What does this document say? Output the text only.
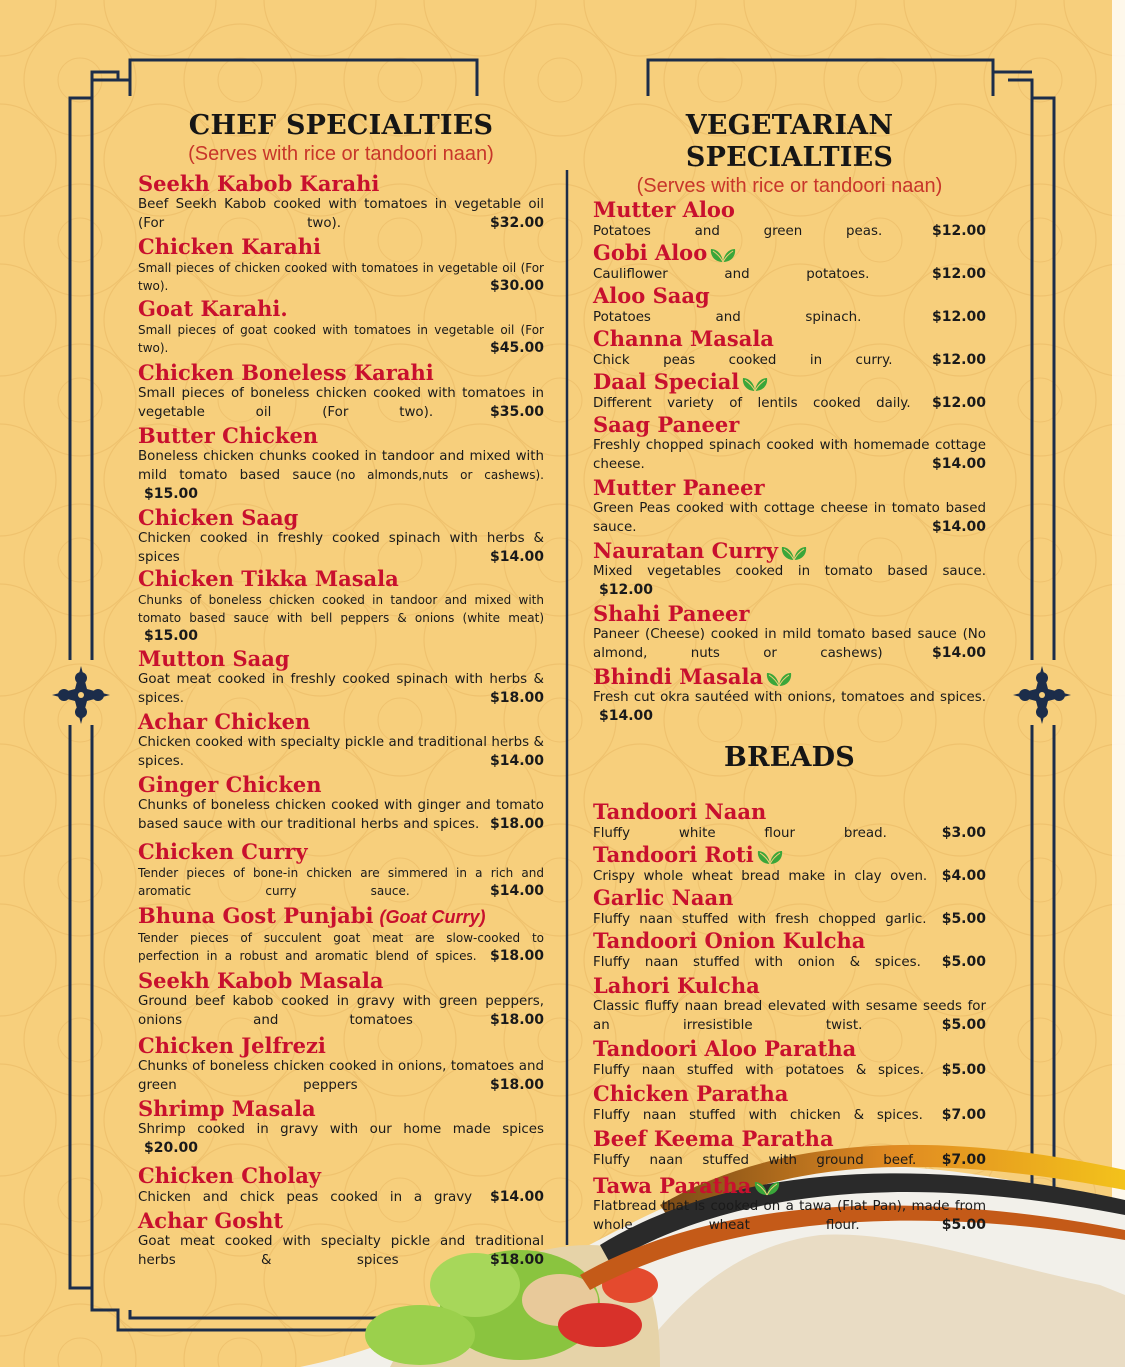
CHEF SPECIALTIES
(Serves with rice or tandoori naan)
Seekh Kabob Karahi
Beef Seekh Kabob cooked with tomatoes in vegetable oil (For two).	$32.00
Chicken Karahi
Small pieces of chicken cooked with tomatoes in vegetable oil (For two).	$30.00
Goat Karahi.
Small pieces of goat cooked with tomatoes in vegetable oil (For two).	$45.00
Chicken Boneless Karahi
Small pieces of boneless chicken cooked with tomatoes in vegetable oil (For two).	$35.00
Butter Chicken
Boneless chicken chunks cooked in tandoor and mixed with mild tomato based sauce (no almonds,nuts or cashews). $15.00
Chicken Saag
Chicken cooked in freshly cooked spinach with herbs & spices	$14.00
Chicken Tikka Masala
Chunks of boneless chicken cooked in tandoor and mixed with tomato based sauce with bell peppers & onions (white meat) $15.00
Mutton Saag
Goat meat cooked in freshly cooked spinach with herbs & spices.	$18.00
Achar Chicken
Chicken cooked with specialty pickle and traditional herbs & spices.	$14.00
Ginger Chicken
Chunks of boneless chicken cooked with ginger and tomato based sauce with our traditional herbs and spices. $18.00
Chicken Curry
Tender pieces of bone-in chicken are simmered in a rich and aromatic curry sauce.	$14.00
Bhuna Gost Punjabi (Goat Curry)
Tender pieces of succulent goat meat are slow-cooked to perfection in a robust and aromatic blend of spices. $18.00
Seekh Kabob Masala
Ground beef kabob cooked in gravy with green peppers, onions and tomatoes	$18.00
Chicken Jelfrezi
Chunks of boneless chicken cooked in onions, tomatoes and green peppers	$18.00
Shrimp Masala
Shrimp cooked in gravy with our home made spices $20.00
Chicken Cholay
Chicken and chick peas cooked in a gravy $14.00
Achar Gosht
Goat meat cooked with specialty pickle and traditional herbs & spices	$18.00
VEGETARIAN SPECIALTIES
(Serves with rice or tandoori naan)
Mutter Aloo
Potatoes and green peas.	$12.00
Gobi Aloo
Cauliflower and potatoes.	$12.00
Aloo Saag
Potatoes and spinach.	$12.00
Channa Masala
Chick peas cooked in curry.	$12.00
Daal Special
Different variety of lentils cooked daily. $12.00
Saag Paneer
Freshly chopped spinach cooked with homemade cottage cheese.	$14.00
Mutter Paneer
Green Peas cooked with cottage cheese in tomato based sauce.	$14.00
Nauratan Curry
Mixed vegetables cooked in tomato based sauce. $12.00
Shahi Paneer
Paneer (Cheese) cooked in mild tomato based sauce (No almond, nuts or cashews)	$14.00
Bhindi Masala
Fresh cut okra sautéed with onions, tomatoes and spices. $14.00
BREADS
Tandoori Naan
Fluffy white flour bread.	$3.00
Tandoori Roti
Crispy whole wheat bread make in clay oven. $4.00
Garlic Naan
Fluffy naan stuffed with fresh chopped garlic. $5.00
Tandoori Onion Kulcha
Fluffy naan stuffed with onion & spices. $5.00
Lahori Kulcha
Classic fluffy naan bread elevated with sesame seeds for an irresistible twist.	$5.00
Tandoori Aloo Paratha
Fluffy naan stuffed with potatoes & spices. $5.00
Chicken Paratha
Fluffy naan stuffed with chicken & spices. $7.00
Beef Keema Paratha
Fluffy naan stuffed with ground beef. $7.00
Tawa Paratha
Flatbread that is cooked on a tawa (Flat Pan), made from whole wheat flour.	$5.00
